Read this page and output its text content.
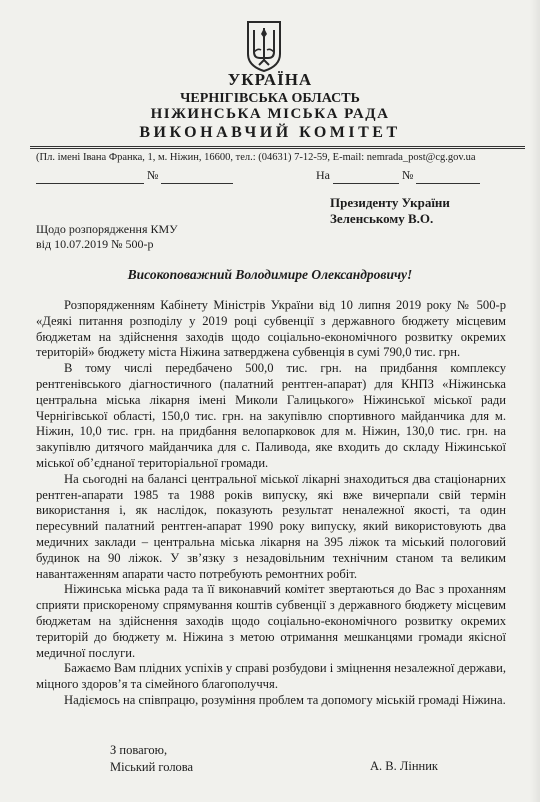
УКРАЇНА

ЧЕРНІГІВСЬКА ОБЛАСТЬ

НІЖИНСЬКА МІСЬКА РАДА

ВИКОНАВЧИЙ КОМІТЕТ

(Пл. імені Івана Франка, 1, м. Ніжин, 16600, тел.: (04631) 7-12-59, E-mail: nemrada_post@cg.gov.ua
№	На	№
Президенту України
Зеленському В.О.
Щодо розпорядження КМУ
від 10.07.2019 № 500-р
Високоповажний Володимире Олександровичу!

Розпорядженням Кабінету Міністрів України від 10 липня 2019 року № 500-р «Деякі питання розподілу у 2019 році субвенції з державного бюджету місцевим бюджетам на здійснення заходів щодо соціально-економічного розвитку окремих територій» бюджету міста Ніжина затверджена субвенція в сумі 790,0 тис. грн.

В тому числі передбачено 500,0 тис. грн. на придбання комплексу рентгенівського діагностичного (палатний рентген-апарат) для КНПЗ «Ніжинська центральна міська лікарня імені Миколи Галицького» Ніжинської міської ради Чернігівської області, 150,0 тис. грн. на закупівлю спортивного майданчика для м. Ніжин, 10,0 тис. грн. на придбання велопарковок для м. Ніжин, 130,0 тис. грн. на закупівлю дитячого майданчика для с. Паливода, яке входить до складу Ніжинської міської об’єднаної територіальної громади.

На сьогодні на балансі центральної міської лікарні знаходиться два стаціонарних рентген-апарати 1985 та 1988 років випуску, які вже вичерпали свій термін використання і, як наслідок, показують результат неналежної якості, та один пересувний палатний рентген-апарат 1990 року випуску, який використовують два медичних заклади – центральна міська лікарня на 395 ліжок та міський пологовий будинок на 90 ліжок. У зв’язку з незадовільним технічним станом та великим навантаженням апарати часто потребують ремонтних робіт.

Ніжинська міська рада та її виконавчий комітет звертаються до Вас з проханням сприяти прискореному спрямування коштів субвенції з державного бюджету місцевим бюджетам на здійснення заходів щодо соціально-економічного розвитку окремих територій до бюджету м. Ніжина з метою отримання мешканцями громади якісної медичної послуги.

Бажаємо Вам плідних успіхів у справі розбудови і зміцнення незалежної держави, міцного здоров’я та сімейного благополуччя.

Надіємось на співпрацю, розуміння проблем та допомогу міській громаді Ніжина.

З повагою,
Міський голова	А. В. Лінник
